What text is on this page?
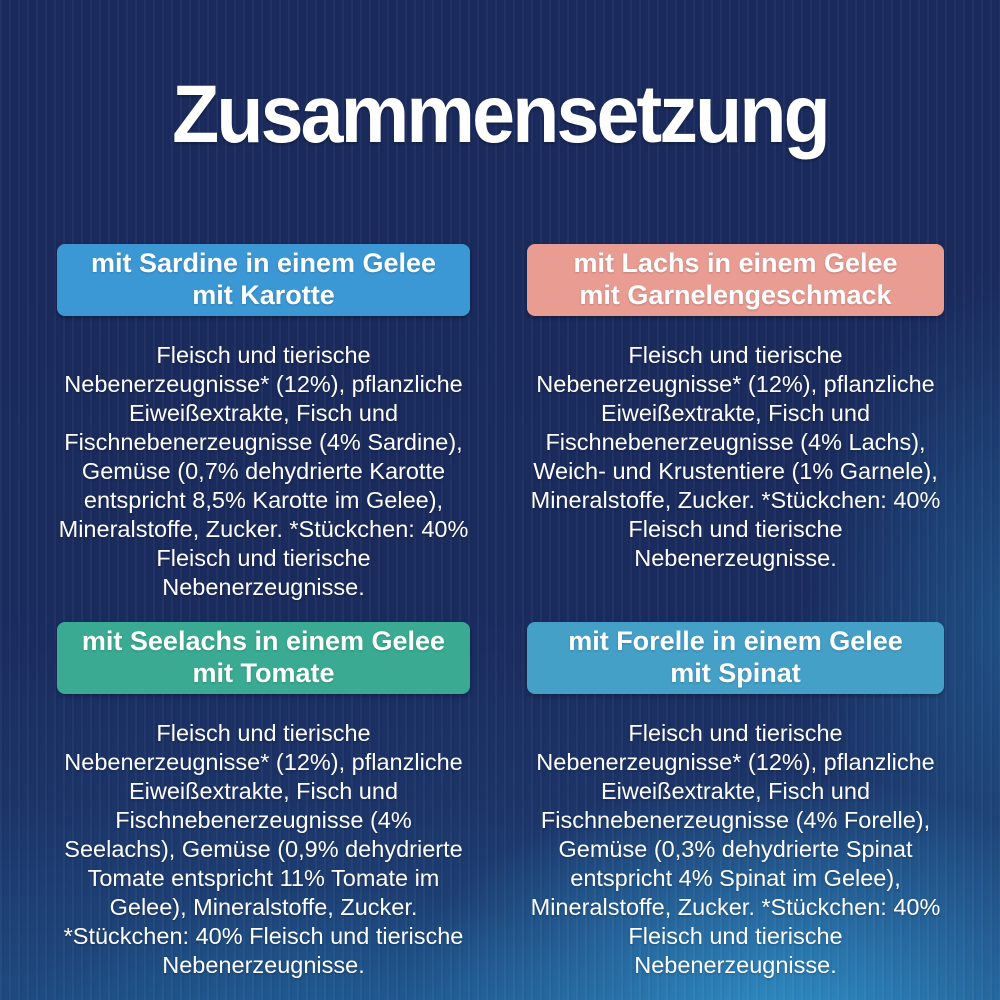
Zusammensetzung
mit Sardine in einem Gelee
mit Karotte
Fleisch und tierische Nebenerzeugnisse* (12%), pflanzliche Eiweißextrakte, Fisch und Fischnebenerzeugnisse (4% Sardine), Gemüse (0,7% dehydrierte Karotte entspricht 8,5% Karotte im Gelee), Mineralstoffe, Zucker. *Stückchen: 40% Fleisch und tierische Nebenerzeugnisse.
mit Lachs in einem Gelee
mit Garnelengeschmack
Fleisch und tierische Nebenerzeugnisse* (12%), pflanzliche Eiweißextrakte, Fisch und Fischnebenerzeugnisse (4% Lachs), Weich- und Krustentiere (1% Garnele), Mineralstoffe, Zucker. *Stückchen: 40% Fleisch und tierische Nebenerzeugnisse.
mit Seelachs in einem Gelee
mit Tomate
Fleisch und tierische Nebenerzeugnisse* (12%), pflanzliche Eiweißextrakte, Fisch und Fischnebenerzeugnisse (4% Seelachs), Gemüse (0,9% dehydrierte Tomate entspricht 11% Tomate im Gelee), Mineralstoffe, Zucker. *Stückchen: 40% Fleisch und tierische Nebenerzeugnisse.
mit Forelle in einem Gelee
mit Spinat
Fleisch und tierische Nebenerzeugnisse* (12%), pflanzliche Eiweißextrakte, Fisch und Fischnebenerzeugnisse (4% Forelle), Gemüse (0,3% dehydrierte Spinat entspricht 4% Spinat im Gelee), Mineralstoffe, Zucker. *Stückchen: 40% Fleisch und tierische Nebenerzeugnisse.
